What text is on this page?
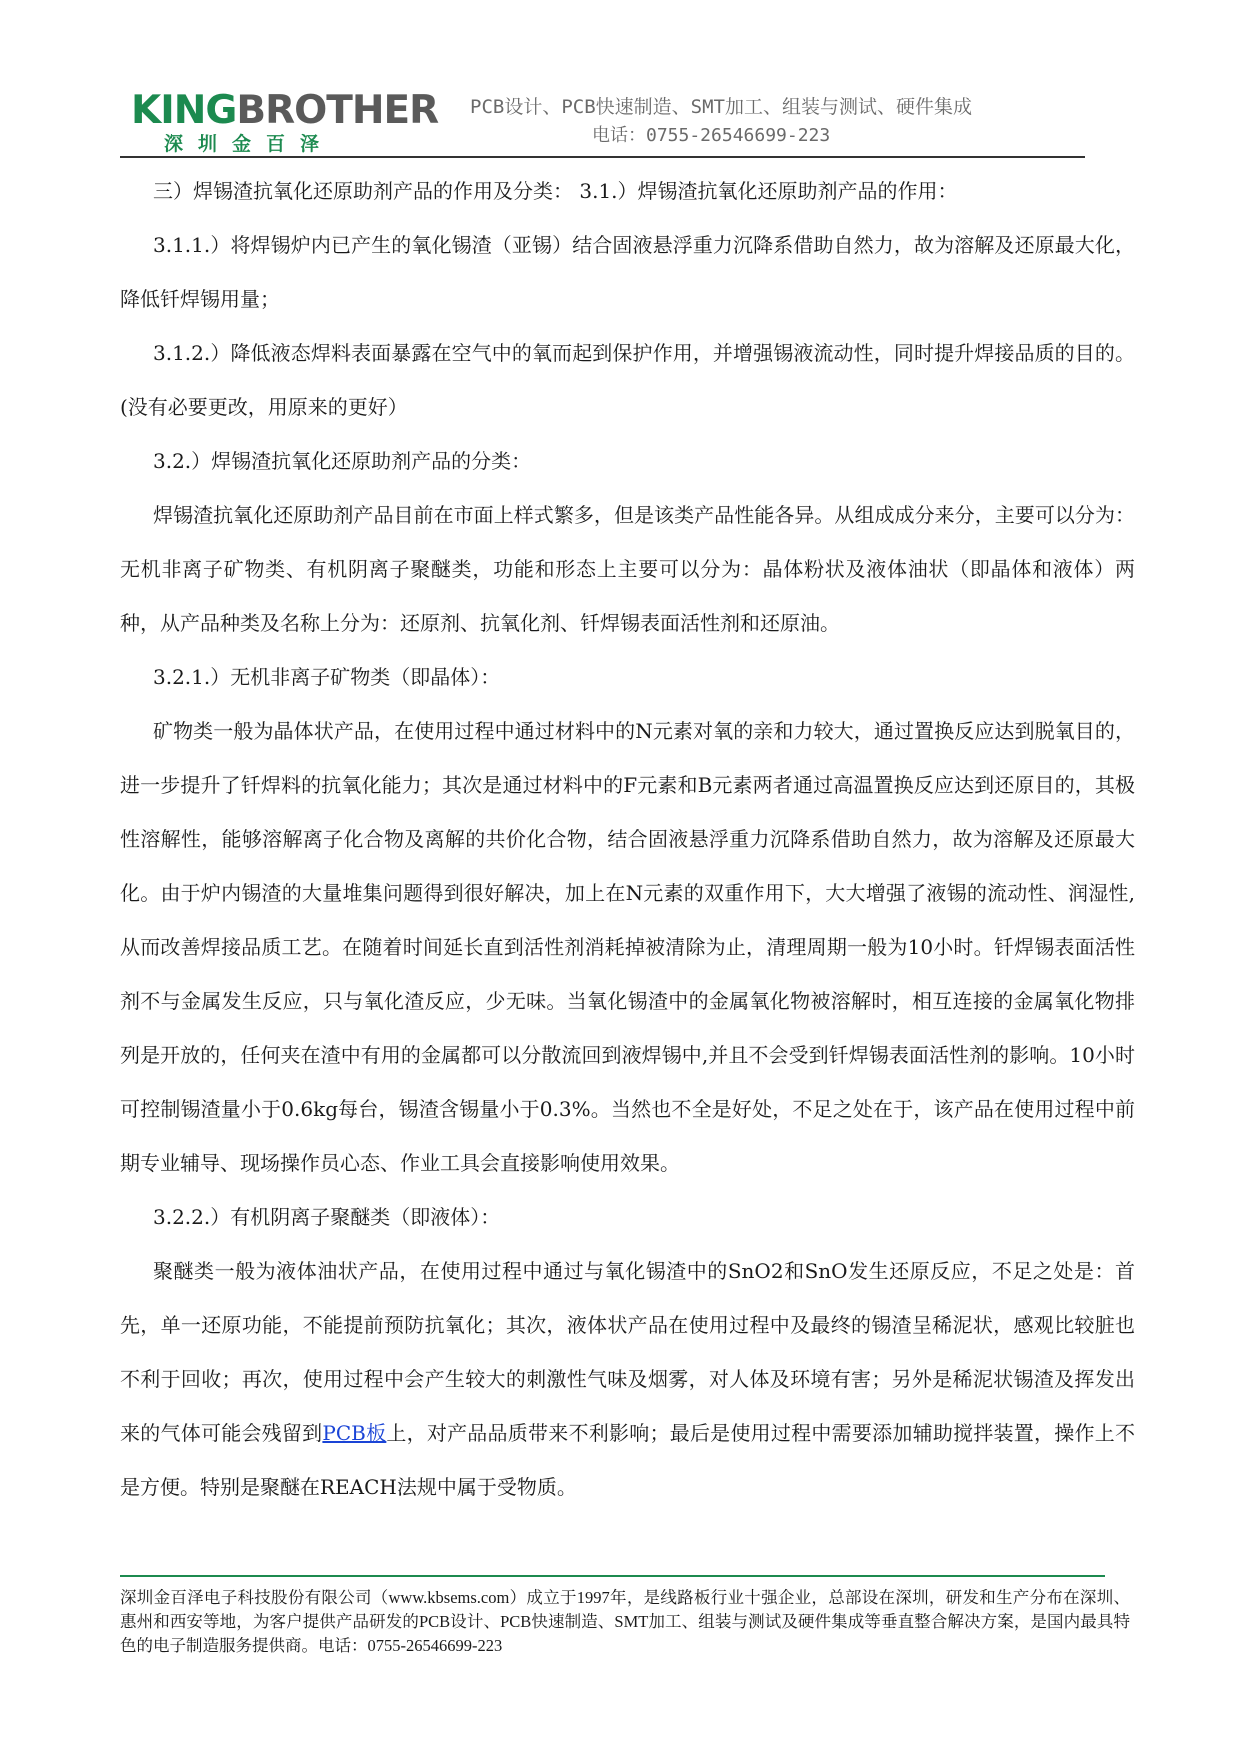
KINGBROTHER
深圳金百泽
PCB设计、PCB快速制造、SMT加工、组装与测试、硬件集成
电话：0755-26546699-223

三）焊锡渣抗氧化还原助剂产品的作用及分类： 3.1.）焊锡渣抗氧化还原助剂产品的作用：

3.1.1.）将焊锡炉内已产生的氧化锡渣（亚锡）结合固液悬浮重力沉降系借助自然力，故为溶解及还原最大化，降低钎焊锡用量；

3.1.2.）降低液态焊料表面暴露在空气中的氧而起到保护作用，并增强锡液流动性，同时提升焊接品质的目的。(没有必要更改，用原来的更好）

3.2.）焊锡渣抗氧化还原助剂产品的分类：

焊锡渣抗氧化还原助剂产品目前在市面上样式繁多，但是该类产品性能各异。从组成成分来分，主要可以分为：无机非离子矿物类、有机阴离子聚醚类，功能和形态上主要可以分为：晶体粉状及液体油状（即晶体和液体）两种，从产品种类及名称上分为：还原剂、抗氧化剂、钎焊锡表面活性剂和还原油。

3.2.1.）无机非离子矿物类（即晶体）：

矿物类一般为晶体状产品，在使用过程中通过材料中的N元素对氧的亲和力较大，通过置换反应达到脱氧目的，进一步提升了钎焊料的抗氧化能力；其次是通过材料中的F元素和B元素两者通过高温置换反应达到还原目的，其极性溶解性，能够溶解离子化合物及离解的共价化合物，结合固液悬浮重力沉降系借助自然力，故为溶解及还原最大化。由于炉内锡渣的大量堆集问题得到很好解决，加上在N元素的双重作用下，大大增强了液锡的流动性、润湿性,从而改善焊接品质工艺。在随着时间延长直到活性剂消耗掉被清除为止，清理周期一般为10小时。钎焊锡表面活性剂不与金属发生反应，只与氧化渣反应，少无味。当氧化锡渣中的金属氧化物被溶解时，相互连接的金属氧化物排列是开放的，任何夹在渣中有用的金属都可以分散流回到液焊锡中,并且不会受到钎焊锡表面活性剂的影响。10小时可控制锡渣量小于0.6kg每台，锡渣含锡量小于0.3%。当然也不全是好处，不足之处在于，该产品在使用过程中前期专业辅导、现场操作员心态、作业工具会直接影响使用效果。

3.2.2.）有机阴离子聚醚类（即液体）：

聚醚类一般为液体油状产品，在使用过程中通过与氧化锡渣中的SnO2和SnO发生还原反应，不足之处是：首先，单一还原功能，不能提前预防抗氧化；其次，液体状产品在使用过程中及最终的锡渣呈稀泥状，感观比较脏也不利于回收；再次，使用过程中会产生较大的刺激性气味及烟雾，对人体及环境有害；另外是稀泥状锡渣及挥发出来的气体可能会残留到PCB板上，对产品品质带来不利影响；最后是使用过程中需要添加辅助搅拌装置，操作上不是方便。特别是聚醚在REACH法规中属于受物质。

深圳金百泽电子科技股份有限公司（www.kbsems.com）成立于1997年，是线路板行业十强企业，总部设在深圳，研发和生产分布在深圳、惠州和西安等地，为客户提供产品研发的PCB设计、PCB快速制造、SMT加工、组装与测试及硬件集成等垂直整合解决方案，是国内最具特色的电子制造服务提供商。电话：0755-26546699-223
